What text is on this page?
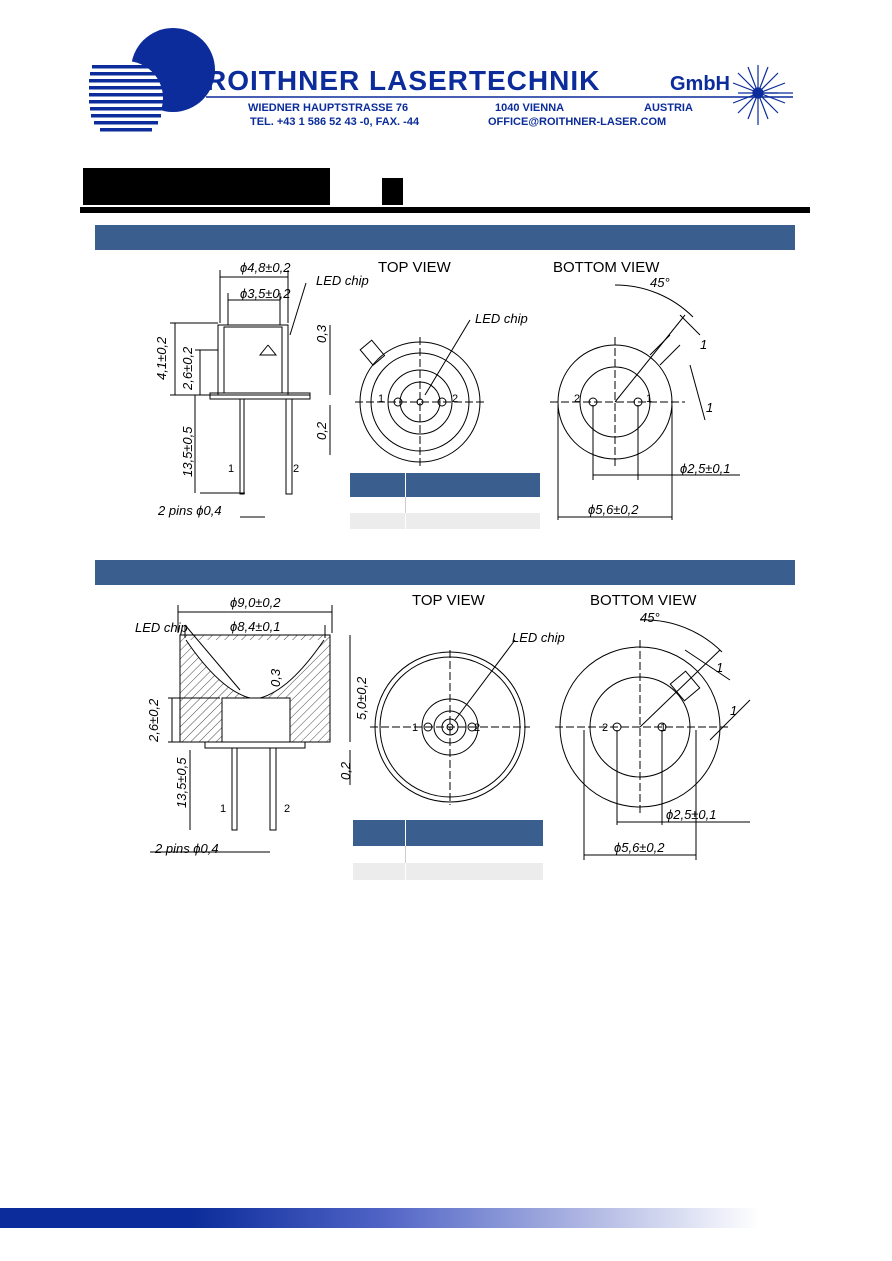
ROITHNER LASERTECHNIK	GmbH
WIEDNER HAUPTSTRASSE 76	1040 VIENNA	AUSTRIA
TEL. +43 1 586 52 43 -0, FAX. -44	OFFICE@ROITHNER-LASER.COM
TOP VIEW	BOTTOM VIEW
ϕ4,8±0,2
ϕ3,5±0,2
LED chip
LED chip
4,1±0,2 2,6±0,2
0,3
0,2
13,5±0,5	1	2
1	2	2	1
2 pins ϕ0,4
45°
1
1
ϕ2,5±0,1
ϕ5,6±0,2

TOP VIEW	BOTTOM VIEW
ϕ9,0±0,2
ϕ8,4±0,1
LED chip
LED chip
5,0±0,2
2,6±0,2
0,3
0,2
13,5±0,5
1	2
1	2	2	1
2 pins ϕ0,4
45°
1
1
ϕ2,5±0,1
ϕ5,6±0,2
